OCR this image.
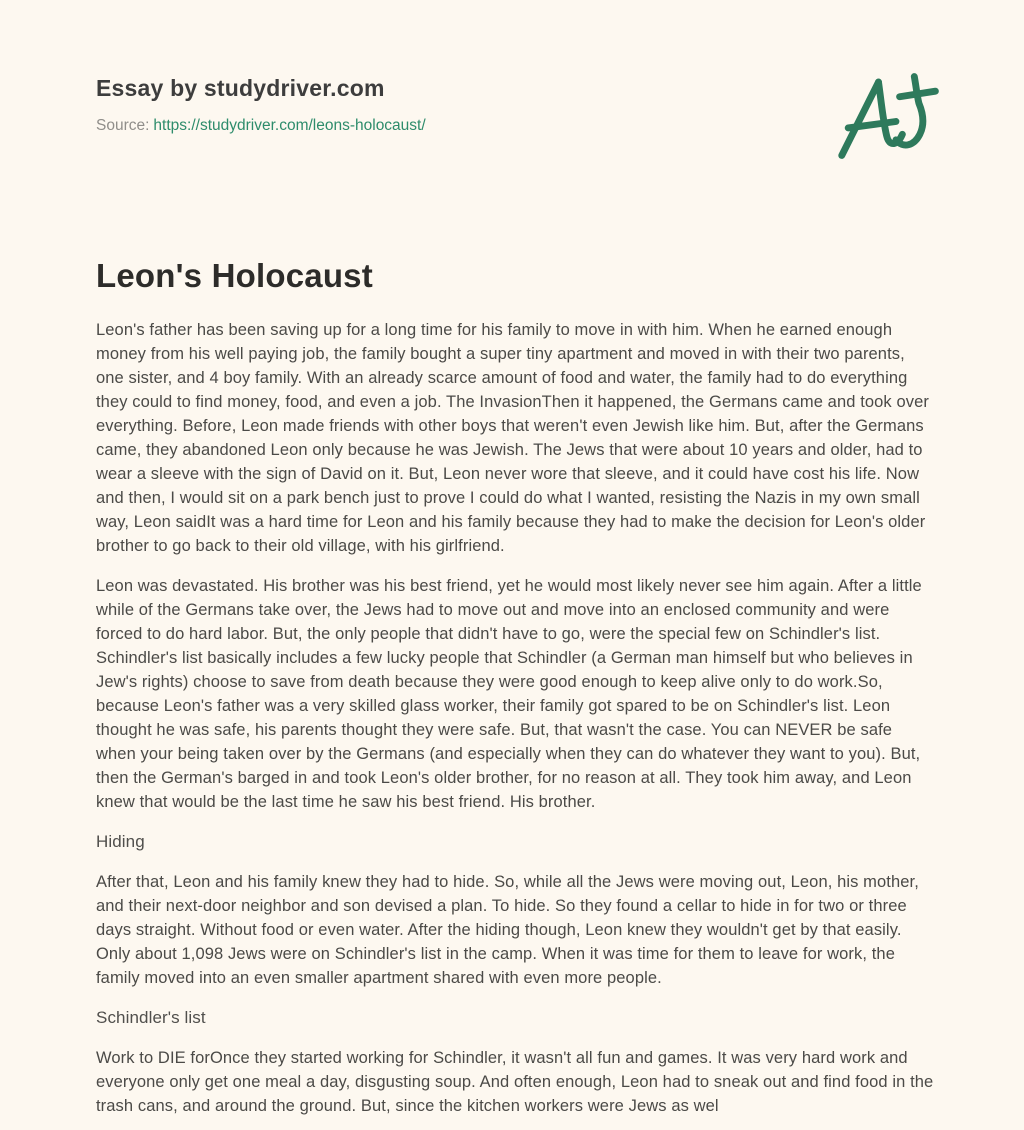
Essay by studydriver.com
Source: https://studydriver.com/leons-holocaust/
Leon's Holocaust

Leon's father has been saving up for a long time for his family to move in with him. When he earned enough money from his well paying job, the family bought a super tiny apartment and moved in with their two parents, one sister, and 4 boy family. With an already scarce amount of food and water, the family had to do everything they could to find money, food, and even a job. The InvasionThen it happened, the Germans came and took over everything. Before, Leon made friends with other boys that weren't even Jewish like him. But, after the Germans came, they abandoned Leon only because he was Jewish. The Jews that were about 10 years and older, had to wear a sleeve with the sign of David on it. But, Leon never wore that sleeve, and it could have cost his life. Now and then, I would sit on a park bench just to prove I could do what I wanted, resisting the Nazis in my own small way, Leon saidIt was a hard time for Leon and his family because they had to make the decision for Leon's older brother to go back to their old village, with his girlfriend.

Leon was devastated. His brother was his best friend, yet he would most likely never see him again. After a little while of the Germans take over, the Jews had to move out and move into an enclosed community and were forced to do hard labor. But, the only people that didn't have to go, were the special few on Schindler's list. Schindler's list basically includes a few lucky people that Schindler (a German man himself but who believes in Jew's rights) choose to save from death because they were good enough to keep alive only to do work.So, because Leon's father was a very skilled glass worker, their family got spared to be on Schindler's list. Leon thought he was safe, his parents thought they were safe. But, that wasn't the case. You can NEVER be safe when your being taken over by the Germans (and especially when they can do whatever they want to you). But, then the German's barged in and took Leon's older brother, for no reason at all. They took him away, and Leon knew that would be the last time he saw his best friend. His brother.

Hiding

After that, Leon and his family knew they had to hide. So, while all the Jews were moving out, Leon, his mother, and their next-door neighbor and son devised a plan. To hide. So they found a cellar to hide in for two or three days straight. Without food or even water. After the hiding though, Leon knew they wouldn't get by that easily. Only about 1,098 Jews were on Schindler's list in the camp. When it was time for them to leave for work, the family moved into an even smaller apartment shared with even more people.

Schindler's list

Work to DIE forOnce they started working for Schindler, it wasn't all fun and games. It was very hard work and everyone only get one meal a day, disgusting soup. And often enough, Leon had to sneak out and find food in the trash cans, and around the ground. But, since the kitchen workers were Jews as wel
